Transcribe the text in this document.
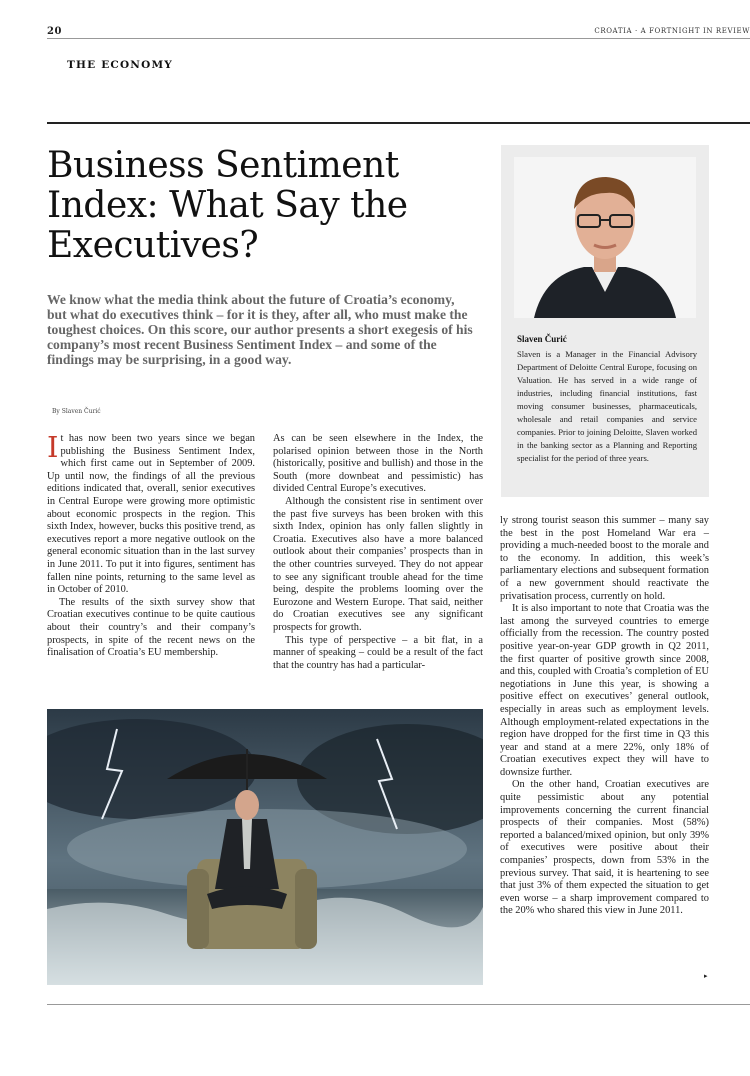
20	CROATIA · A FORTNIGHT IN REVIEW
THE ECONOMY
Business Sentiment
Index: What Say the
Executives?

We know what the media think about the future of Croatia’s economy, but what do executives think – for it is they, after all, who must make the toughest choices. On this score, our author presents a short exegesis of his company’s most recent Business Sentiment Index – and some of the findings may be surprising, in a good way.

By Slaven Čurić
Slaven Čurić
Slaven is a Manager in the Financial Advisory Department of Deloitte Central Europe, focusing on Valuation. He has served in a wide range of industries, including financial institutions, fast moving consumer businesses, pharmaceuticals, wholesale and retail companies and service companies. Prior to joining Deloitte, Slaven worked in the banking sector as a Planning and Reporting specialist for the period of three years.

It has now been two years since we began publishing the Business Sentiment Index, which first came out in September of 2009. Up until now, the findings of all the previous editions indicated that, overall, senior executives in Central Europe were growing more optimistic about economic prospects in the region. This sixth Index, however, bucks this positive trend, as executives report a more negative outlook on the general economic situation than in the last survey in June 2011. To put it into figures, sentiment has fallen nine points, returning to the same level as in October of 2010.

The results of the sixth survey show that Croatian executives continue to be quite cautious about their country’s and their company’s prospects, in spite of the recent news on the finalisation of Croatia’s EU membership.

As can be seen elsewhere in the Index, the polarised opinion between those in the North (historically, positive and bullish) and those in the South (more downbeat and pessimistic) has divided Central Europe’s executives.

Although the consistent rise in sentiment over the past five surveys has been broken with this sixth Index, opinion has only fallen slightly in Croatia. Executives also have a more balanced outlook about their companies’ prospects than in the other countries surveyed. They do not appear to see any significant trouble ahead for the time being, despite the problems looming over the Eurozone and Western Europe. That said, neither do Croatian executives see any significant prospects for growth.

This type of perspective – a bit flat, in a manner of speaking – could be a result of the fact that the country has had a particular-

ly strong tourist season this summer – many say the best in the post Homeland War era – providing a much-needed boost to the morale and to the economy. In addition, this week’s parliamentary elections and subsequent formation of a new government should reactivate the privatisation process, currently on hold.

It is also important to note that Croatia was the last among the surveyed countries to emerge officially from the recession. The country posted positive year-on-year GDP growth in Q2 2011, the first quarter of positive growth since 2008, and this, coupled with Croatia’s completion of EU negotiations in June this year, is showing a positive effect on executives’ general outlook, especially in areas such as employment levels. Although employment-related expectations in the region have dropped for the first time in Q3 this year and stand at a mere 22%, only 18% of Croatian executives expect they will have to downsize further.

On the other hand, Croatian executives are quite pessimistic about any potential improvements concerning the current financial prospects of their companies. Most (58%) reported a balanced/mixed opinion, but only 39% of executives were positive about their companies’ prospects, down from 53% in the previous survey. That said, it is heartening to see that just 3% of them expected the situation to get even worse – a sharp improvement compared to the 20% who shared this view in June 2011.

▸
